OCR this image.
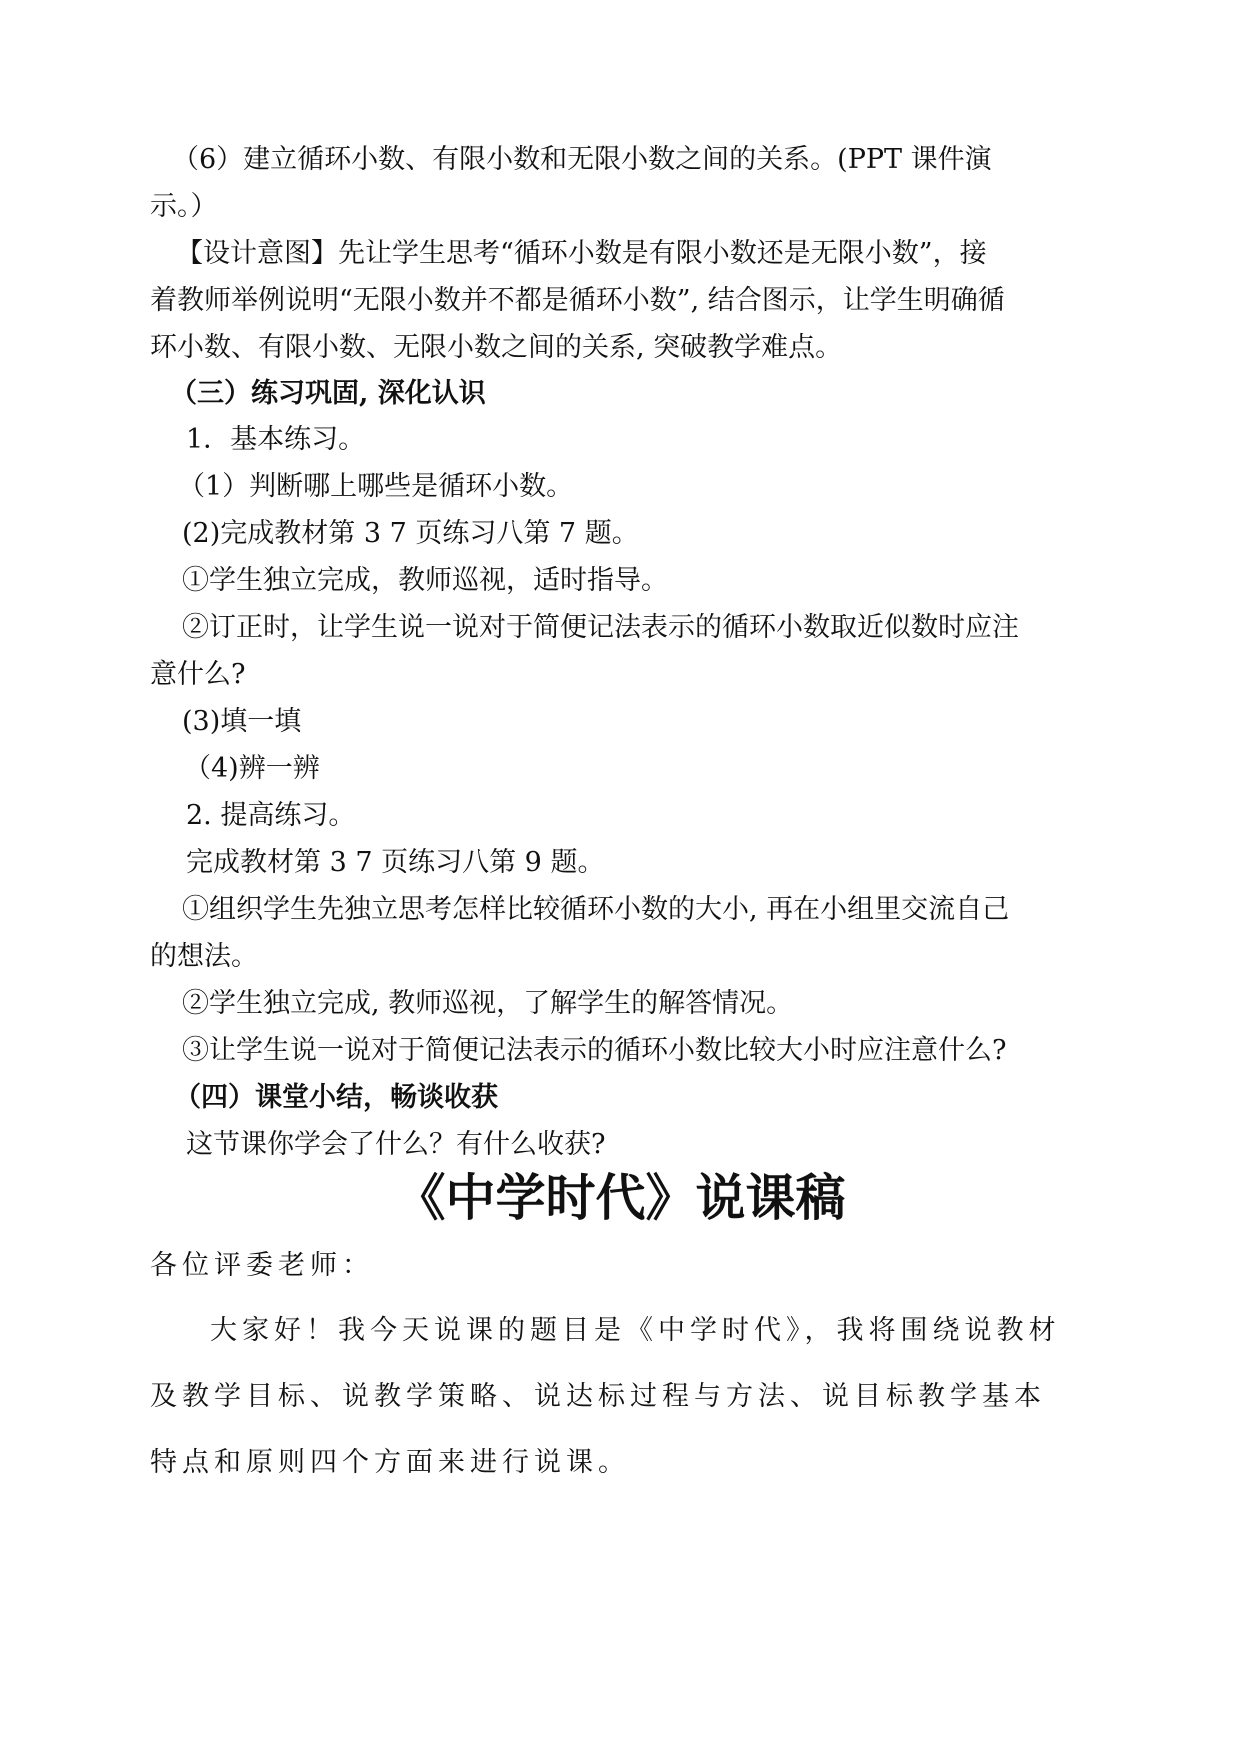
（6）建立循环小数、有限小数和无限小数之间的关系。(PPT 课件演
示。）
【设计意图】先让学生思考“循环小数是有限小数还是无限小数”，接
着教师举例说明“无限小数并不都是循环小数”, 结合图示，让学生明确循
环小数、有限小数、无限小数之间的关系, 突破教学难点。
（三）练习巩固, 深化认识
1．基本练习。
（1）判断哪上哪些是循环小数。
(2)完成教材第 3 7 页练习八第 7 题。
①学生独立完成，教师巡视，适时指导。
②订正时，让学生说一说对于简便记法表示的循环小数取近似数时应注
意什么?
(3)填一填
（4)辨一辨
2. 提高练习。
完成教材第 3 7 页练习八第 9 题。
①组织学生先独立思考怎样比较循环小数的大小, 再在小组里交流自己
的想法。
②学生独立完成, 教师巡视，了解学生的解答情况。
③让学生说一说对于简便记法表示的循环小数比较大小时应注意什么?
（四）课堂小结，畅谈收获
这节课你学会了什么？有什么收获?
《中学时代》说课稿
各位评委老师：
大家好！我今天说课的题目是《中学时代》，我将围绕说教材
及教学目标、说教学策略、说达标过程与方法、说目标教学基本
特点和原则四个方面来进行说课。
